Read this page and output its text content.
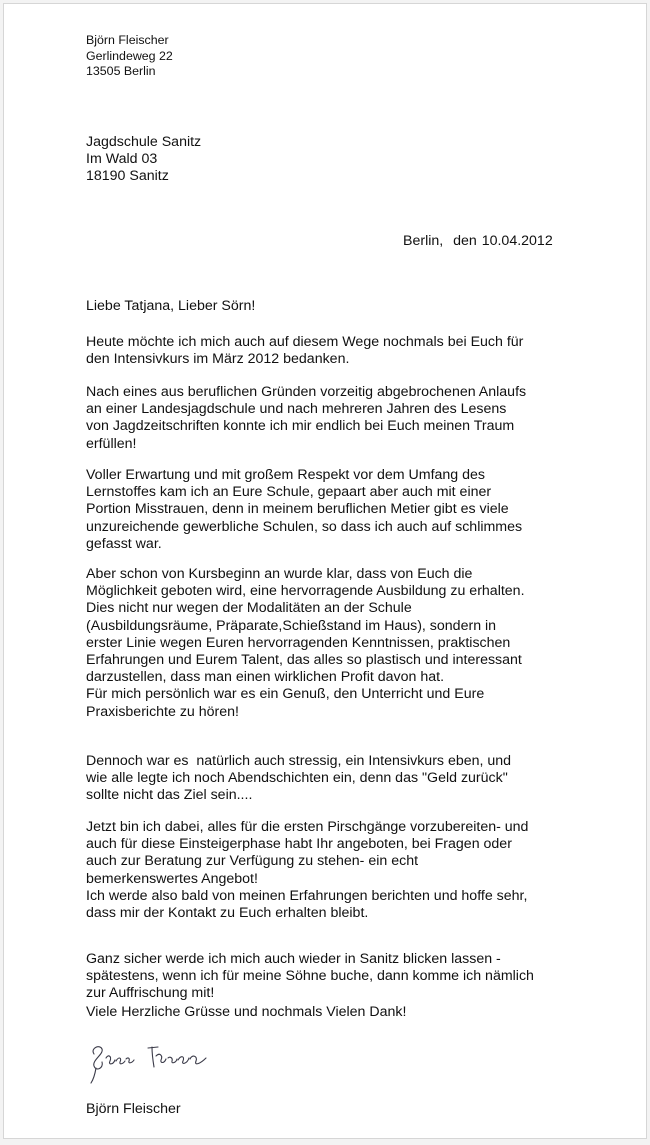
Björn Fleischer
Gerlindeweg 22
13505 Berlin
Jagdschule Sanitz
Im Wald 03
18190 Sanitz
Berlin,  den 10.04.2012
Liebe Tatjana, Lieber Sörn!
Heute möchte ich mich auch auf diesem Wege nochmals bei Euch für
den Intensivkurs im März 2012 bedanken.
Nach eines aus beruflichen Gründen vorzeitig abgebrochenen Anlaufs
an einer Landesjagdschule und nach mehreren Jahren des Lesens
von Jagdzeitschriften konnte ich mir endlich bei Euch meinen Traum
erfüllen!
Voller Erwartung und mit großem Respekt vor dem Umfang des
Lernstoffes kam ich an Eure Schule, gepaart aber auch mit einer
Portion Misstrauen, denn in meinem beruflichen Metier gibt es viele
unzureichende gewerbliche Schulen, so dass ich auch auf schlimmes
gefasst war.
Aber schon von Kursbeginn an wurde klar, dass von Euch die
Möglichkeit geboten wird, eine hervorragende Ausbildung zu erhalten.
Dies nicht nur wegen der Modalitäten an der Schule
(Ausbildungsräume, Präparate,Schießstand im Haus), sondern in
erster Linie wegen Euren hervorragenden Kenntnissen, praktischen
Erfahrungen und Eurem Talent, das alles so plastisch und interessant
darzustellen, dass man einen wirklichen Profit davon hat.
Für mich persönlich war es ein Genuß, den Unterricht und Eure
Praxisberichte zu hören!
Dennoch war es  natürlich auch stressig, ein Intensivkurs eben, und
wie alle legte ich noch Abendschichten ein, denn das "Geld zurück"
sollte nicht das Ziel sein....
Jetzt bin ich dabei, alles für die ersten Pirschgänge vorzubereiten- und
auch für diese Einsteigerphase habt Ihr angeboten, bei Fragen oder
auch zur Beratung zur Verfügung zu stehen- ein echt
bemerkenswertes Angebot!
Ich werde also bald von meinen Erfahrungen berichten und hoffe sehr,
dass mir der Kontakt zu Euch erhalten bleibt.
Ganz sicher werde ich mich auch wieder in Sanitz blicken lassen -
spätestens, wenn ich für meine Söhne buche, dann komme ich nämlich
zur Auffrischung mit!
Viele Herzliche Grüsse und nochmals Vielen Dank!
Björn Fleischer
